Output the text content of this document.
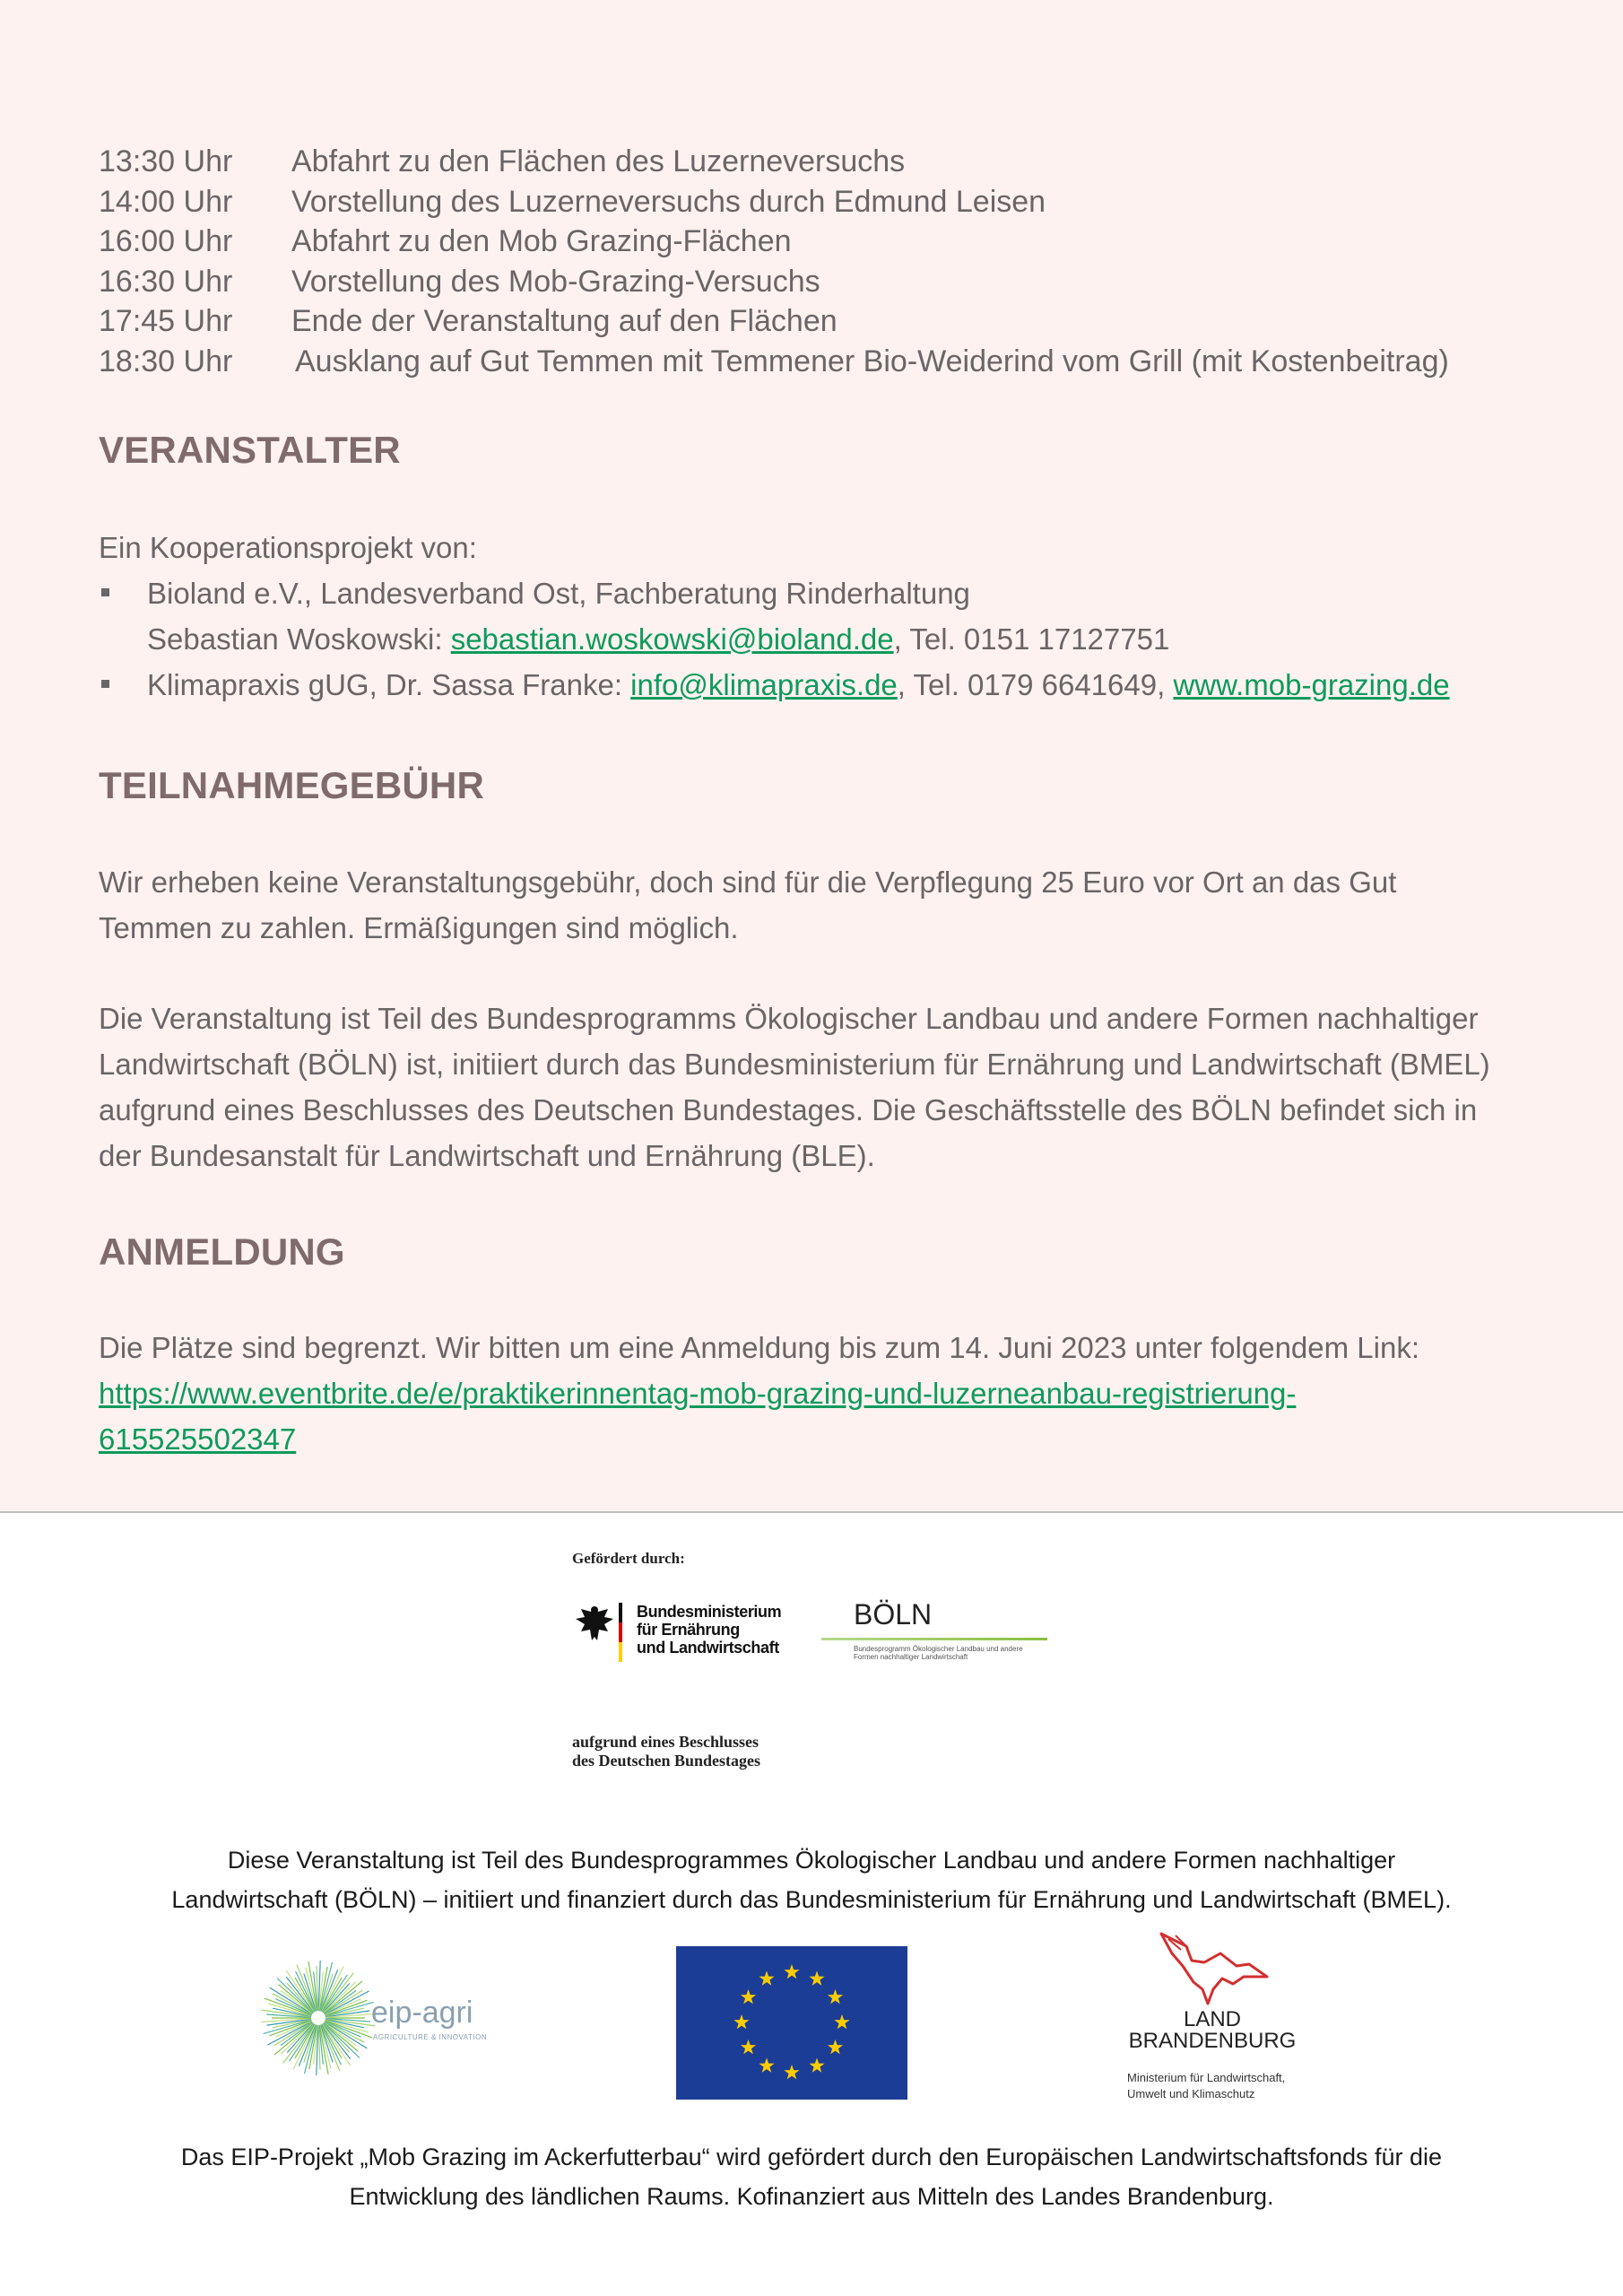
13:30 Uhr Abfahrt zu den Flächen des Luzerneversuchs
14:00 Uhr Vorstellung des Luzerneversuchs durch Edmund Leisen
16:00 Uhr Abfahrt zu den Mob Grazing-Flächen
16:30 Uhr Vorstellung des Mob-Grazing-Versuchs
17:45 Uhr Ende der Veranstaltung auf den Flächen
18:30 Uhr Ausklang auf Gut Temmen mit Temmener Bio-Weiderind vom Grill (mit Kostenbeitrag)
VERANSTALTER

Ein Kooperationsprojekt von:

Bioland e.V., Landesverband Ost, Fachberatung Rinderhaltung
Sebastian Woskowski: sebastian.woskowski@bioland.de, Tel. 0151 17127751
Klimapraxis gUG, Dr. Sassa Franke: info@klimapraxis.de, Tel. 0179 6641649, www.mob-grazing.de
TEILNAHMEGEBÜHR

Wir erheben keine Veranstaltungsgebühr, doch sind für die Verpflegung 25 Euro vor Ort an das Gut
Temmen zu zahlen. Ermäßigungen sind möglich.

Die Veranstaltung ist Teil des Bundesprogramms Ökologischer Landbau und andere Formen nachhaltiger
Landwirtschaft (BÖLN) ist, initiiert durch das Bundesministerium für Ernährung und Landwirtschaft (BMEL)
aufgrund eines Beschlusses des Deutschen Bundestages. Die Geschäftsstelle des BÖLN befindet sich in
der Bundesanstalt für Landwirtschaft und Ernährung (BLE).

ANMELDUNG

Die Plätze sind begrenzt. Wir bitten um eine Anmeldung bis zum 14. Juni 2023 unter folgendem Link:
https://www.eventbrite.de/e/praktikerinnentag-mob-grazing-und-luzerneanbau-registrierung-
615525502347

Gefördert durch:
Bundesministerium
für Ernährung
und Landwirtschaft
BÖLN
Bundesprogramm Ökologischer Landbau und andere Formen nachhaltiger Landwirtschaft
aufgrund eines Beschlusses
des Deutschen Bundestages
Diese Veranstaltung ist Teil des Bundesprogrammes Ökologischer Landbau und andere Formen nachhaltiger
Landwirtschaft (BÖLN) – initiiert und finanziert durch das Bundesministerium für Ernährung und Landwirtschaft (BMEL).
eip-agri
AGRICULTURE & INNOVATION
LAND
BRANDENBURG
Ministerium für Landwirtschaft,
Umwelt und Klimaschutz
Das EIP-Projekt „Mob Grazing im Ackerfutterbau“ wird gefördert durch den Europäischen Landwirtschaftsfonds für die
Entwicklung des ländlichen Raums. Kofinanziert aus Mitteln des Landes Brandenburg.
